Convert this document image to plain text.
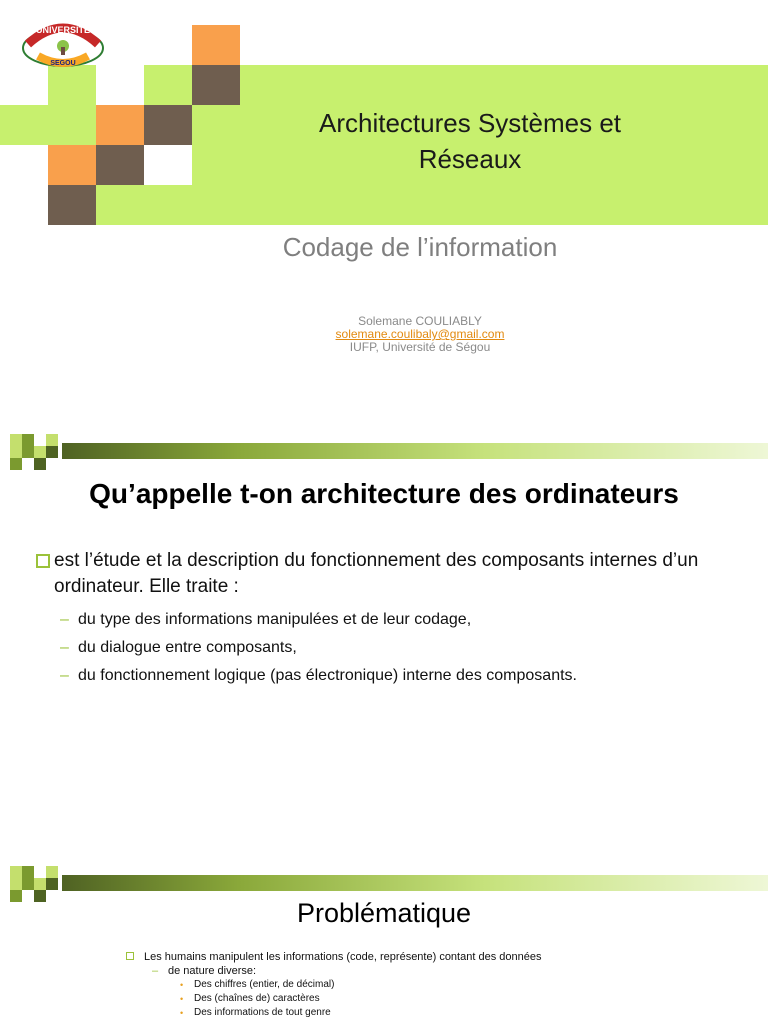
UNIVERSITE
SEGOU
Architectures Systèmes et
Réseaux
Codage de l’information
Solemane COULIABLY
solemane.coulibaly@gmail.com
IUFP, Université de Ségou
Qu’appelle t-on architecture des ordinateurs
est l’étude et la description du fonctionnement des composants internes d’un ordinateur. Elle traite :
– du type des informations manipulées et de leur codage,
– du dialogue entre composants,
– du fonctionnement logique (pas électronique) interne des composants.
Problématique
Les humains manipulent les informations (code, représente) contant des données
– de nature diverse:
• Des chiffres (entier, de décimal)
• Des (chaînes de) caractères
• Des informations de tout genre
